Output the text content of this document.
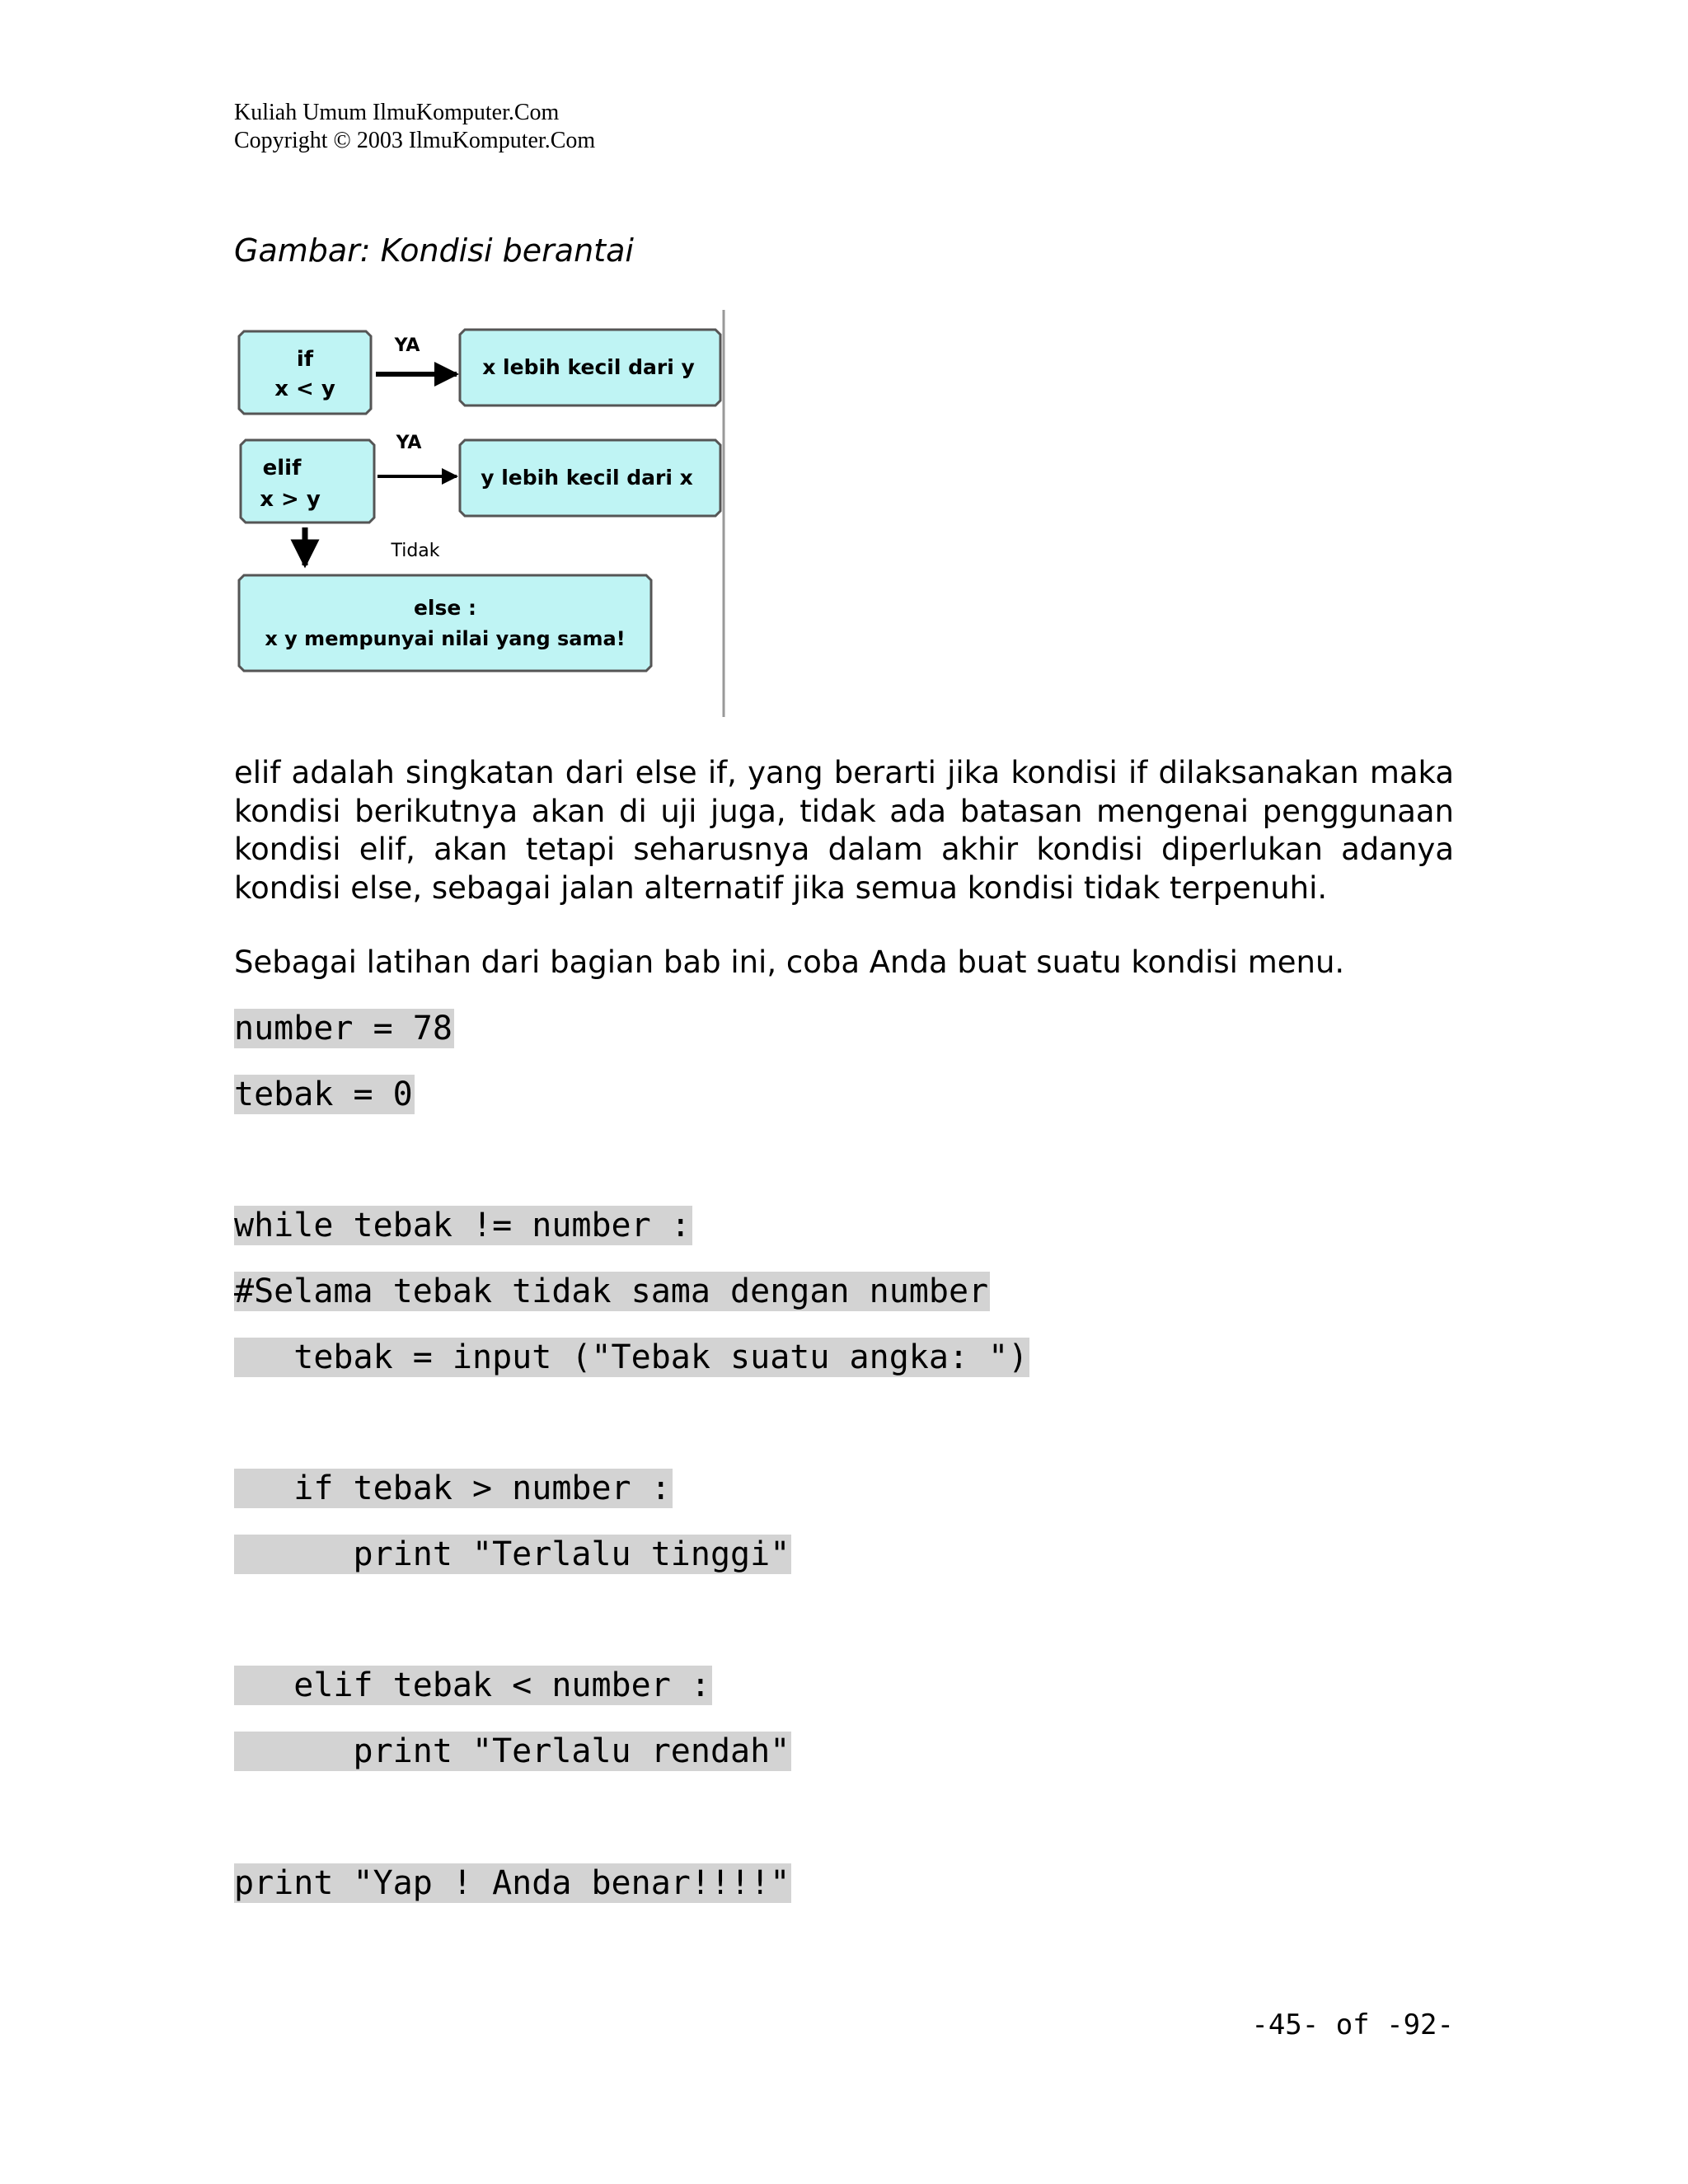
Kuliah Umum IlmuKomputer.Com
Copyright © 2003 IlmuKomputer.Com
Gambar: Kondisi berantai
if
x < y
YA
x lebih kecil dari y
elif
x > y
YA
y lebih kecil dari x
Tidak
else :
x y mempunyai nilai yang sama!
elif adalah singkatan dari else if, yang berarti jika kondisi if dilaksanakan maka kondisi berikutnya akan di uji juga, tidak ada batasan mengenai penggunaan kondisi elif, akan tetapi seharusnya dalam akhir kondisi diperlukan adanya kondisi else, sebagai jalan alternatif jika semua kondisi tidak terpenuhi.
Sebagai latihan dari bagian bab ini, coba Anda buat suatu kondisi menu.
number = 78
tebak = 0
while tebak != number :
#Selama tebak tidak sama dengan number
tebak = input ("Tebak suatu angka: ")
if tebak > number :
print "Terlalu tinggi"
elif tebak < number :
print "Terlalu rendah"
print "Yap ! Anda benar!!!!"
-45- of -92-
